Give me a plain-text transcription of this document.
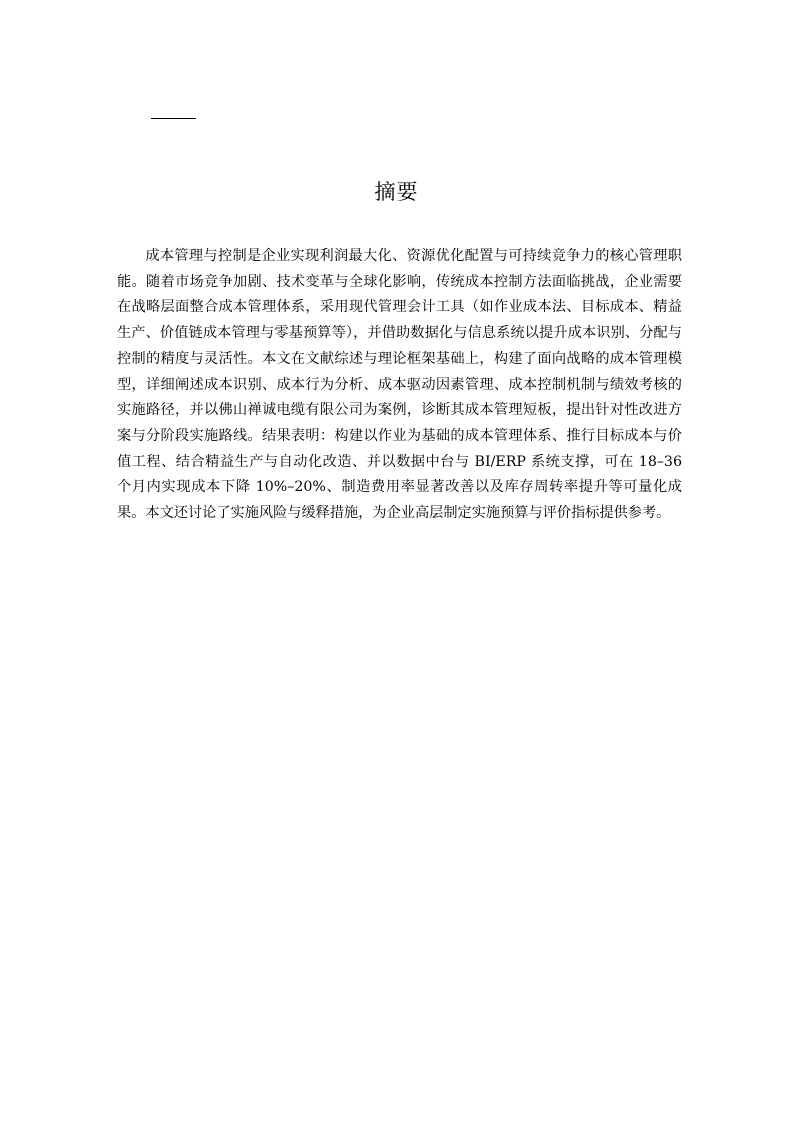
摘要

成本管理与控制是企业实现利润最大化、资源优化配置与可持续竞争力的核心管理职能。随着市场竞争加剧、技术变革与全球化影响，传统成本控制方法面临挑战，企业需要在战略层面整合成本管理体系，采用现代管理会计工具（如作业成本法、目标成本、精益生产、价值链成本管理与零基预算等），并借助数据化与信息系统以提升成本识别、分配与控制的精度与灵活性。本文在文献综述与理论框架基础上，构建了面向战略的成本管理模型，详细阐述成本识别、成本行为分析、成本驱动因素管理、成本控制机制与绩效考核的实施路径，并以佛山禅诚电缆有限公司为案例，诊断其成本管理短板，提出针对性改进方案与分阶段实施路线。结果表明：构建以作业为基础的成本管理体系、推行目标成本与价值工程、结合精益生产与自动化改造、并以数据中台与 BI/ERP 系统支撑，可在 18–36 个月内实现成本下降 10%–20%、制造费用率显著改善以及库存周转率提升等可量化成果。本文还讨论了实施风险与缓释措施，为企业高层制定实施预算与评价指标提供参考。
